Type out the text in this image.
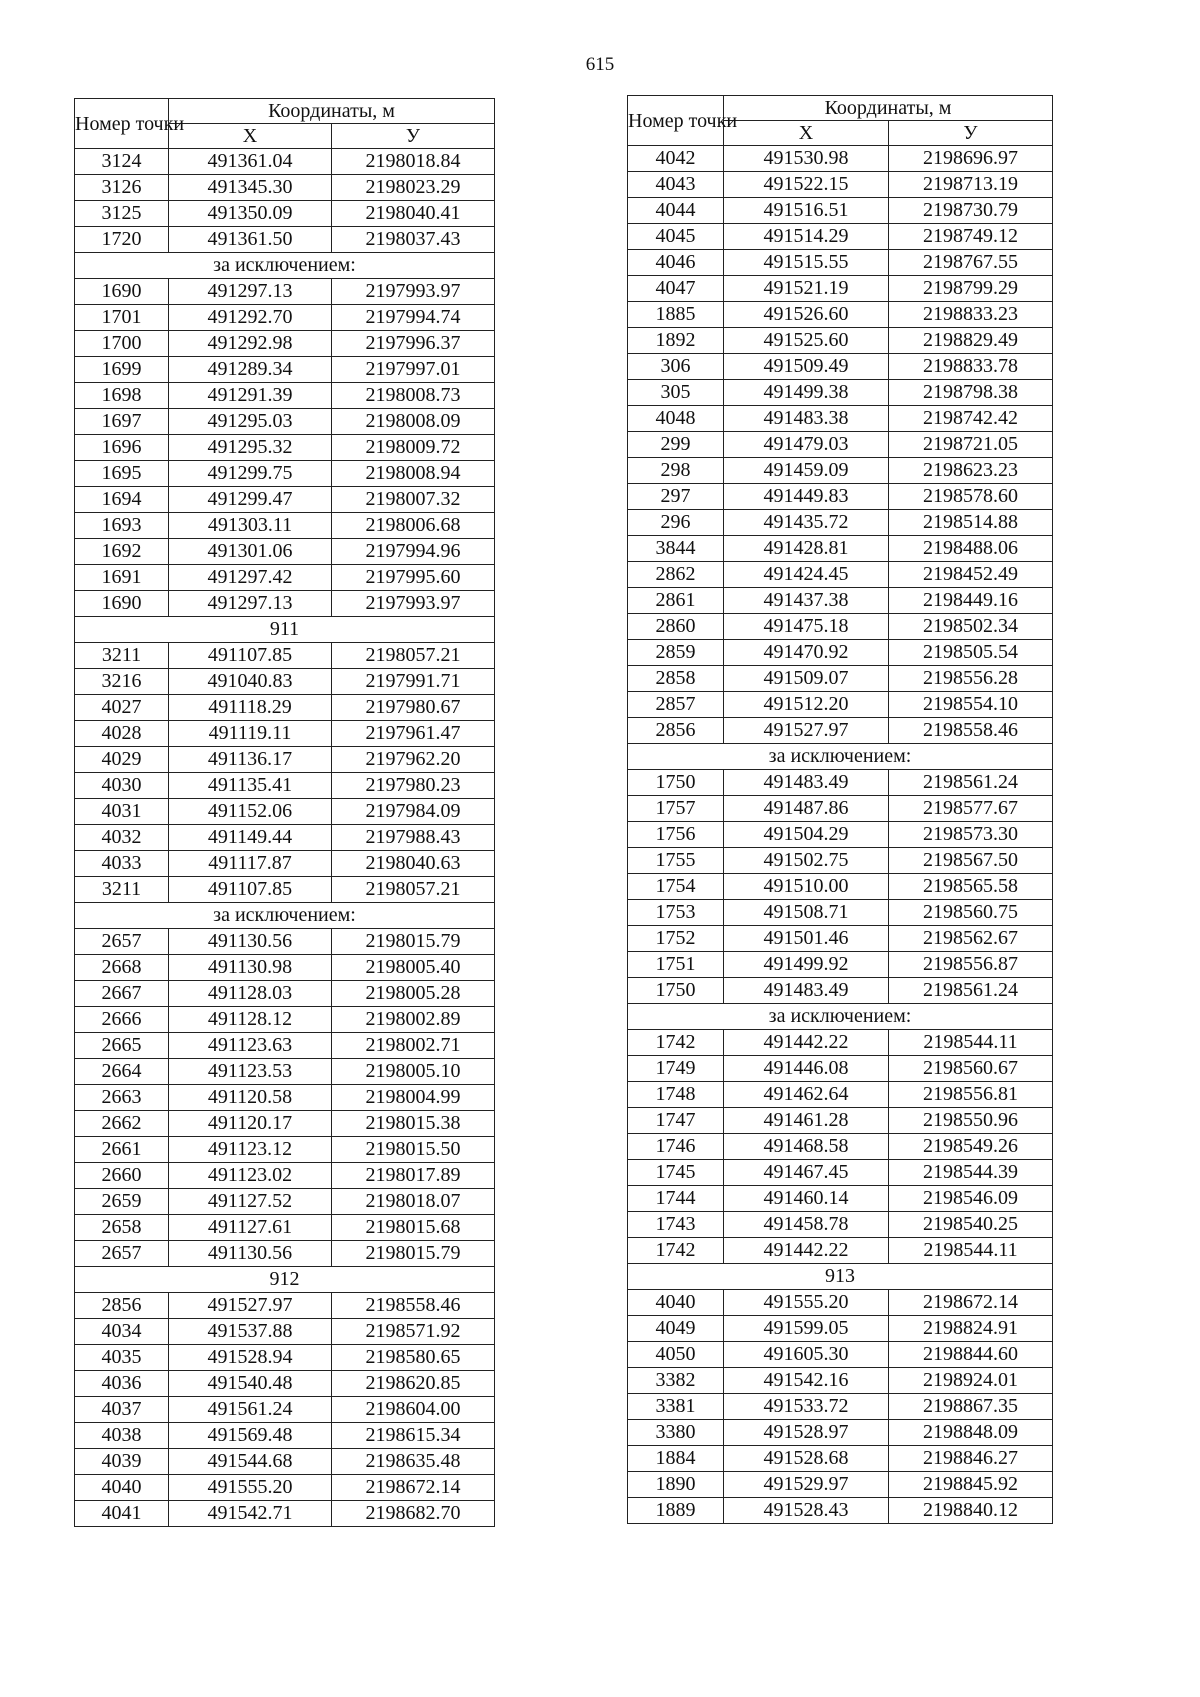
615
Номер точки	Координаты, м	
	Х	У
3124	491361.04	2198018.84
3126	491345.30	2198023.29
3125	491350.09	2198040.41
1720	491361.50	2198037.43
за исключением:		
1690	491297.13	2197993.97
1701	491292.70	2197994.74
1700	491292.98	2197996.37
1699	491289.34	2197997.01
1698	491291.39	2198008.73
1697	491295.03	2198008.09
1696	491295.32	2198009.72
1695	491299.75	2198008.94
1694	491299.47	2198007.32
1693	491303.11	2198006.68
1692	491301.06	2197994.96
1691	491297.42	2197995.60
1690	491297.13	2197993.97
911		
3211	491107.85	2198057.21
3216	491040.83	2197991.71
4027	491118.29	2197980.67
4028	491119.11	2197961.47
4029	491136.17	2197962.20
4030	491135.41	2197980.23
4031	491152.06	2197984.09
4032	491149.44	2197988.43
4033	491117.87	2198040.63
3211	491107.85	2198057.21
за исключением:		
2657	491130.56	2198015.79
2668	491130.98	2198005.40
2667	491128.03	2198005.28
2666	491128.12	2198002.89
2665	491123.63	2198002.71
2664	491123.53	2198005.10
2663	491120.58	2198004.99
2662	491120.17	2198015.38
2661	491123.12	2198015.50
2660	491123.02	2198017.89
2659	491127.52	2198018.07
2658	491127.61	2198015.68
2657	491130.56	2198015.79
912		
2856	491527.97	2198558.46
4034	491537.88	2198571.92
4035	491528.94	2198580.65
4036	491540.48	2198620.85
4037	491561.24	2198604.00
4038	491569.48	2198615.34
4039	491544.68	2198635.48
4040	491555.20	2198672.14
4041	491542.71	2198682.70
Номер точки	Координаты, м	
	Х	У
4042	491530.98	2198696.97
4043	491522.15	2198713.19
4044	491516.51	2198730.79
4045	491514.29	2198749.12
4046	491515.55	2198767.55
4047	491521.19	2198799.29
1885	491526.60	2198833.23
1892	491525.60	2198829.49
306	491509.49	2198833.78
305	491499.38	2198798.38
4048	491483.38	2198742.42
299	491479.03	2198721.05
298	491459.09	2198623.23
297	491449.83	2198578.60
296	491435.72	2198514.88
3844	491428.81	2198488.06
2862	491424.45	2198452.49
2861	491437.38	2198449.16
2860	491475.18	2198502.34
2859	491470.92	2198505.54
2858	491509.07	2198556.28
2857	491512.20	2198554.10
2856	491527.97	2198558.46
за исключением:		
1750	491483.49	2198561.24
1757	491487.86	2198577.67
1756	491504.29	2198573.30
1755	491502.75	2198567.50
1754	491510.00	2198565.58
1753	491508.71	2198560.75
1752	491501.46	2198562.67
1751	491499.92	2198556.87
1750	491483.49	2198561.24
за исключением:		
1742	491442.22	2198544.11
1749	491446.08	2198560.67
1748	491462.64	2198556.81
1747	491461.28	2198550.96
1746	491468.58	2198549.26
1745	491467.45	2198544.39
1744	491460.14	2198546.09
1743	491458.78	2198540.25
1742	491442.22	2198544.11
913		
4040	491555.20	2198672.14
4049	491599.05	2198824.91
4050	491605.30	2198844.60
3382	491542.16	2198924.01
3381	491533.72	2198867.35
3380	491528.97	2198848.09
1884	491528.68	2198846.27
1890	491529.97	2198845.92
1889	491528.43	2198840.12
